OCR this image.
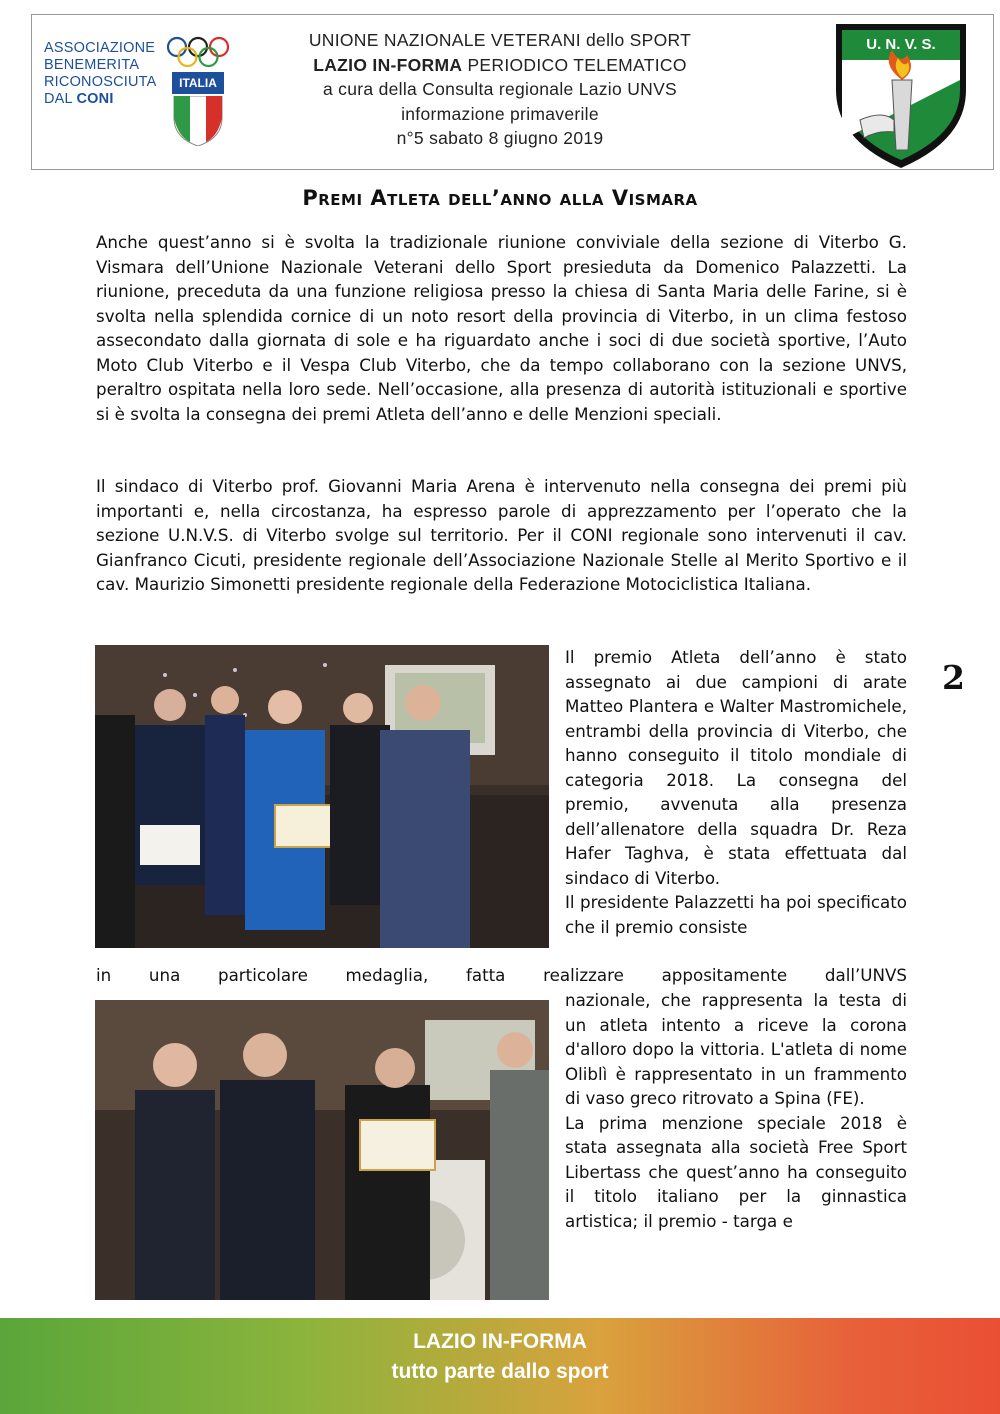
ASSOCIAZIONE
BENEMERITA
RICONOSCIUTA
DAL CONI
ITALIA
UNIONE NAZIONALE VETERANI dello SPORT
LAZIO IN-FORMA PERIODICO TELEMATICO
a cura della Consulta regionale Lazio UNVS
informazione primaverile
n°5 sabato 8 giugno 2019
U. N. V. S.
Premi Atleta dell’anno alla Vismara
Anche quest’anno si è svolta la tradizionale riunione conviviale della sezione di Viterbo G. Vismara dell’Unione Nazionale Veterani dello Sport presieduta da Domenico Palazzetti. La riunione, preceduta da una funzione religiosa presso la chiesa di Santa Maria delle Farine, si è svolta nella splendida cornice di un noto resort della provincia di Viterbo, in un clima festoso assecondato dalla giornata di sole e ha riguardato anche i soci di due società sportive, l’Auto Moto Club Viterbo e il Vespa Club Viterbo, che da tempo collaborano con la sezione UNVS, peraltro ospitata nella loro sede. Nell’occasione, alla presenza di autorità istituzionali e sportive si è svolta la consegna dei premi Atleta dell’anno e delle Menzioni speciali.
Il sindaco di Viterbo prof. Giovanni Maria Arena è intervenuto nella consegna dei premi più importanti e, nella circostanza, ha espresso parole di apprezzamento per l’operato che la sezione U.N.V.S. di Viterbo svolge sul territorio. Per il CONI regionale sono intervenuti il cav. Gianfranco Cicuti, presidente regionale dell’Associazione Nazionale Stelle al Merito Sportivo e il cav. Maurizio Simonetti presidente regionale della Federazione Motociclistica Italiana.
Il premio Atleta dell’anno è stato assegnato ai due campioni di arate Matteo Plantera e Walter Mastromichele, entrambi della provincia di Viterbo, che hanno conseguito il titolo mondiale di categoria 2018. La consegna del premio, avvenuta alla presenza dell’allenatore della squadra Dr. Reza Hafer Taghva, è stata effettuata dal sindaco di Viterbo.
Il presidente Palazzetti ha poi specificato che il premio consiste
in una particolare medaglia, fatta realizzare appositamente dall’UNVS
nazionale, che rappresenta la testa di un atleta intento a riceve la corona d'alloro dopo la vittoria. L'atleta di nome Oliblì è rappresentato in un frammento di vaso greco ritrovato a Spina (FE).
La prima menzione speciale 2018 è stata assegnata alla società Free Sport Libertass che quest’anno ha conseguito il titolo italiano per la ginnastica artistica; il premio - targa e
2
LAZIO IN-FORMA
tutto parte dallo sport
